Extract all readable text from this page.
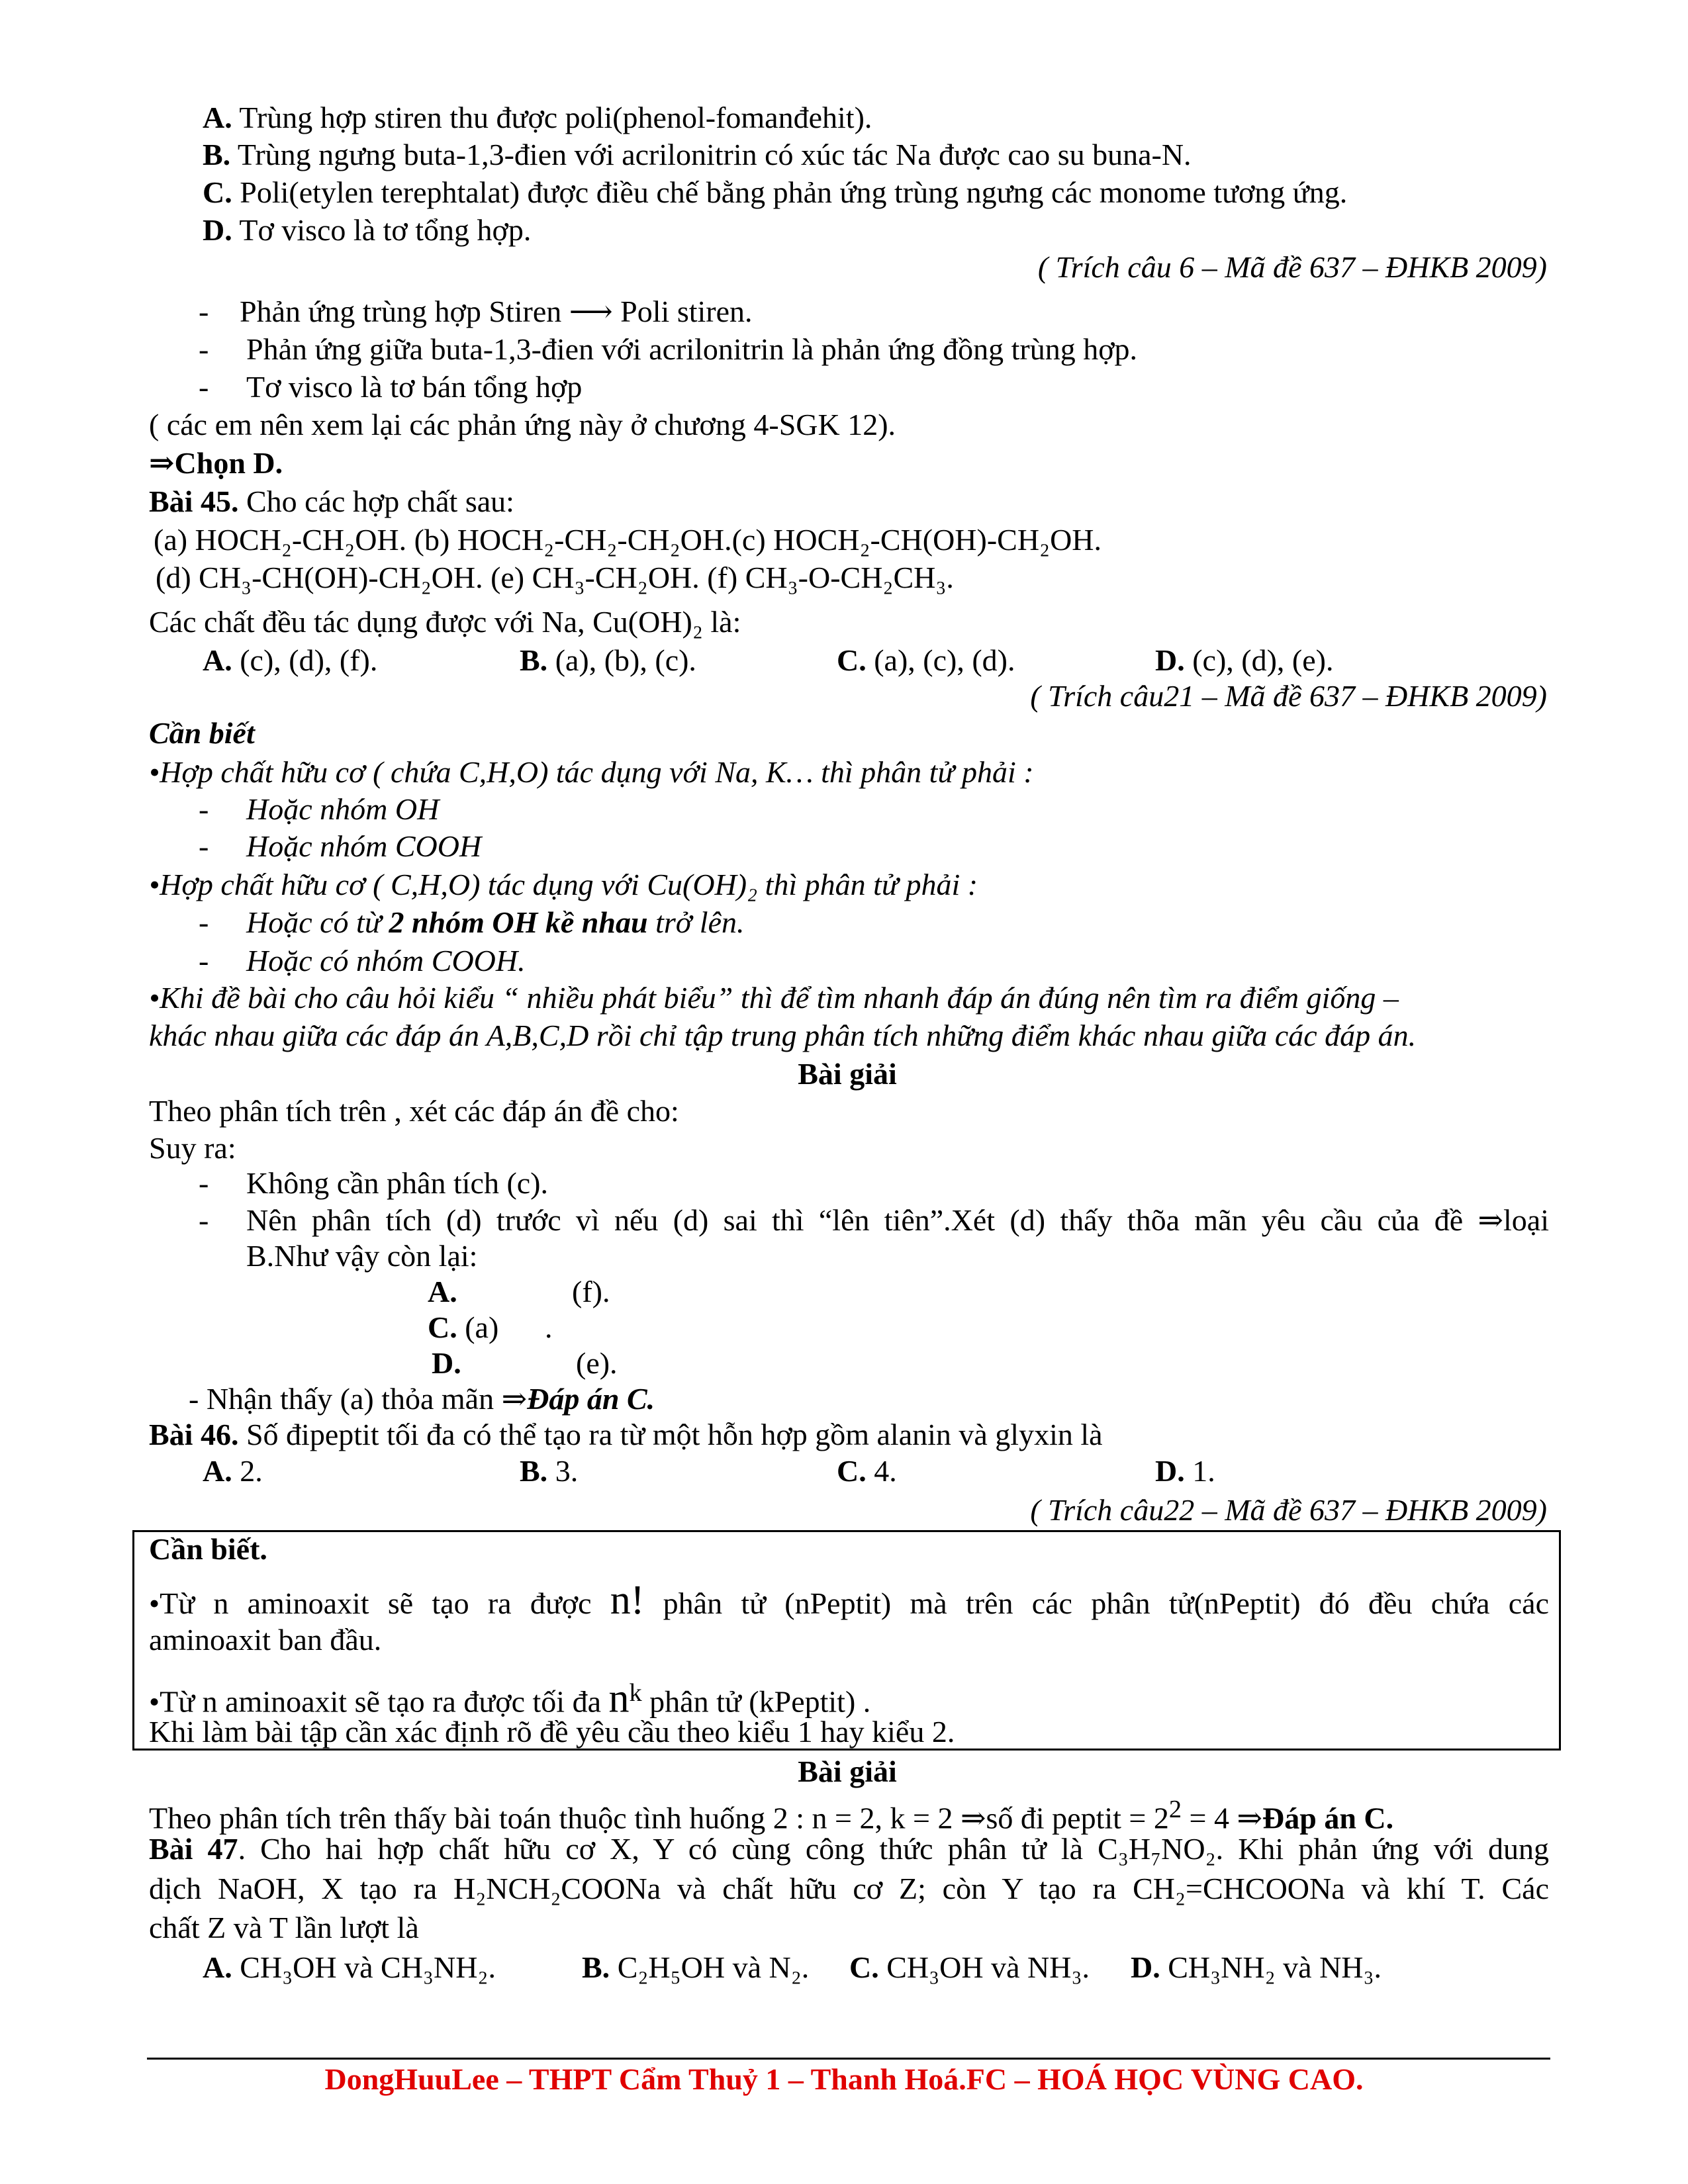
A. Trùng hợp stiren thu được poli(phenol-fomanđehit).
B. Trùng ngưng buta-1,3-đien với acrilonitrin có xúc tác Na được cao su buna-N.
C. Poli(etylen terephtalat) được điều chế bằng phản ứng trùng ngưng các monome tương ứng.
D. Tơ visco là tơ tổng hợp.
( Trích câu 6 – Mã đề 637 – ĐHKB 2009)
- Phản ứng trùng hợp Stiren ⟶ Poli stiren.
- Phản ứng giữa buta-1,3-đien với acrilonitrin là phản ứng đồng trùng hợp.
- Tơ visco là tơ bán tổng hợp
( các em nên xem lại các phản ứng này ở chương 4-SGK 12).
⇒Chọn D.
Bài 45. Cho các hợp chất sau:
(a) HOCH₂-CH₂OH. (b) HOCH₂-CH₂-CH₂OH.(c) HOCH₂-CH(OH)-CH₂OH.
(d) CH₃-CH(OH)-CH₂OH. (e) CH₃-CH₂OH. (f) CH₃-O-CH₂CH₃.
Các chất đều tác dụng được với Na, Cu(OH)₂ là:
A. (c), (d), (f).	B. (a), (b), (c).	C. (a), (c), (d).	D. (c), (d), (e).
( Trích câu21 – Mã đề 637 – ĐHKB 2009)
Cần biết
•Hợp chất hữu cơ ( chứa C,H,O) tác dụng với Na, K… thì phân tử phải :
- Hoặc nhóm OH
- Hoặc nhóm COOH
•Hợp chất hữu cơ ( C,H,O) tác dụng với Cu(OH)₂ thì phân tử phải :
- Hoặc có từ 2 nhóm OH kề nhau trở lên.
- Hoặc có nhóm COOH.
•Khi đề bài cho câu hỏi kiểu “ nhiều phát biểu” thì để tìm nhanh đáp án đúng nên tìm ra điểm giống –
khác nhau giữa các đáp án A,B,C,D rồi chỉ tập trung phân tích những điểm khác nhau giữa các đáp án.
Bài giải
Theo phân tích trên , xét các đáp án đề cho:
Suy ra:
- Không cần phân tích (c).
- Nên phân tích (d) trước vì nếu (d) sai thì “lên tiên”.Xét (d) thấy thõa mãn yêu cầu của đề ⇒loại
B.Như vậy còn lại:
A.	(f).
C. (a) .
D.	(e).
- Nhận thấy (a) thỏa mãn ⇒Đáp án C.
Bài 46. Số đipeptit tối đa có thể tạo ra từ một hỗn hợp gồm alanin và glyxin là
A. 2.	B. 3.	C. 4.	D. 1.
( Trích câu22 – Mã đề 637 – ĐHKB 2009)
Cần biết.
•Từ n aminoaxit sẽ tạo ra được n! phân tử (nPeptit) mà trên các phân tử(nPeptit) đó đều chứa các
aminoaxit ban đầu.
•Từ n aminoaxit sẽ tạo ra được tối đa $n^k$ phân tử (kPeptit) .
Khi làm bài tập cần xác định rõ đề yêu cầu theo kiểu 1 hay kiểu 2.
Bài giải
Theo phân tích trên thấy bài toán thuộc tình huống 2 : n = 2, k = 2 ⇒số đi peptit = $2^2 = 4$ ⇒Đáp án C.
Bài 47. Cho hai hợp chất hữu cơ X, Y có cùng công thức phân tử là C₃H₇NO₂. Khi phản ứng với dung
dịch NaOH, X tạo ra H₂NCH₂COONa và chất hữu cơ Z; còn Y tạo ra CH₂=CHCOONa và khí T. Các
chất Z và T lần lượt là
A. CH₃OH và CH₃NH₂.	B. C₂H₅OH và N₂. C. CH₃OH và NH₃. D. CH₃NH₂ và NH₃.
DongHuuLee – THPT Cẩm Thuỷ 1 – Thanh Hoá.FC – HOÁ HỌC VÙNG CAO.
